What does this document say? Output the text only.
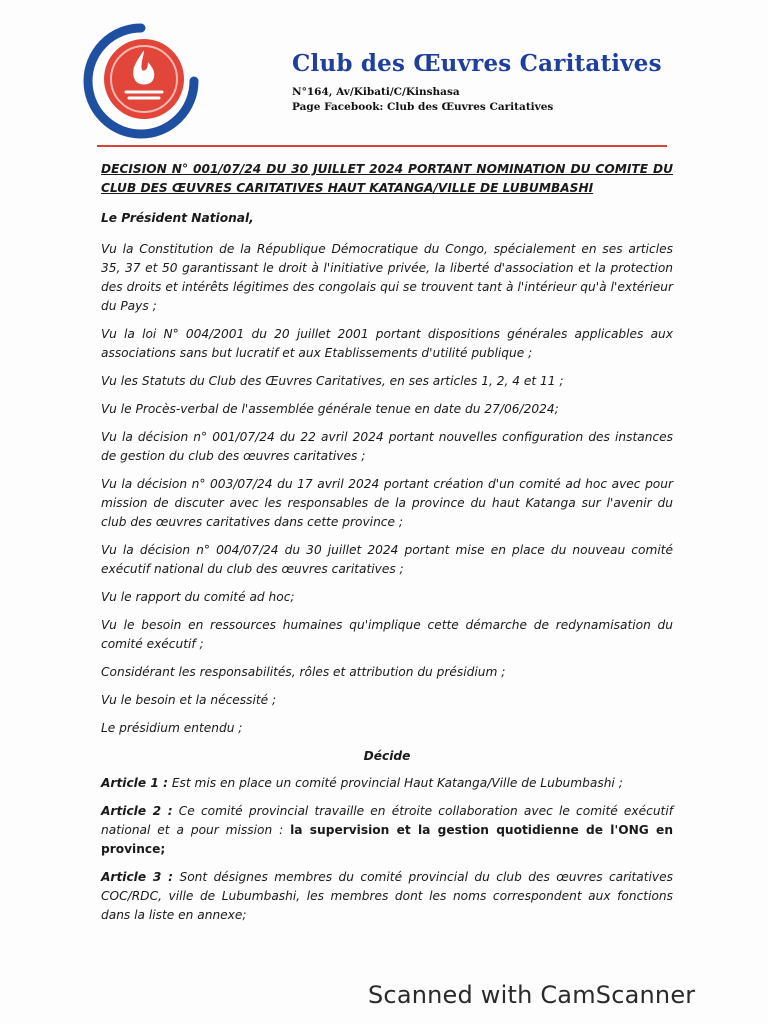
Club des Œuvres Caritatives
N°164, Av/Kibati/C/Kinshasa
Page Facebook: Club des Œuvres Caritatives

DECISION N° 001/07/24 DU 30 JUILLET 2024 PORTANT NOMINATION DU COMITE DU CLUB DES ŒUVRES CARITATIVES HAUT KATANGA/VILLE DE LUBUMBASHI

Le Président National,

Vu la Constitution de la République Démocratique du Congo, spécialement en ses articles 35, 37 et 50 garantissant le droit à l'initiative privée, la liberté d'association et la protection des droits et intérêts légitimes des congolais qui se trouvent tant à l'intérieur qu'à l'extérieur du Pays ;

Vu la loi N° 004/2001 du 20 juillet 2001 portant dispositions générales applicables aux associations sans but lucratif et aux Etablissements d'utilité publique ;

Vu les Statuts du Club des Œuvres Caritatives, en ses articles 1, 2, 4 et 11 ;

Vu le Procès-verbal de l'assemblée générale tenue en date du 27/06/2024;

Vu la décision n° 001/07/24 du 22 avril 2024 portant nouvelles configuration des instances de gestion du club des œuvres caritatives ;

Vu la décision n° 003/07/24 du 17 avril 2024 portant création d'un comité ad hoc avec pour mission de discuter avec les responsables de la province du haut Katanga sur l'avenir du club des œuvres caritatives dans cette province ;

Vu la décision n° 004/07/24 du 30 juillet 2024 portant mise en place du nouveau comité exécutif national du club des œuvres caritatives ;

Vu le rapport du comité ad hoc;

Vu le besoin en ressources humaines qu'implique cette démarche de redynamisation du comité exécutif ;

Considérant les responsabilités, rôles et attribution du présidium ;

Vu le besoin et la nécessité ;

Le présidium entendu ;

Décide

Article 1 : Est mis en place un comité provincial Haut Katanga/Ville de Lubumbashi ;

Article 2 : Ce comité provincial travaille en étroite collaboration avec le comité exécutif national et a pour mission : la supervision et la gestion quotidienne de l'ONG en province;

Article 3 : Sont désignes membres du comité provincial du club des œuvres caritatives COC/RDC, ville de Lubumbashi, les membres dont les noms correspondent aux fonctions dans la liste en annexe;

Scanned with CamScanner
